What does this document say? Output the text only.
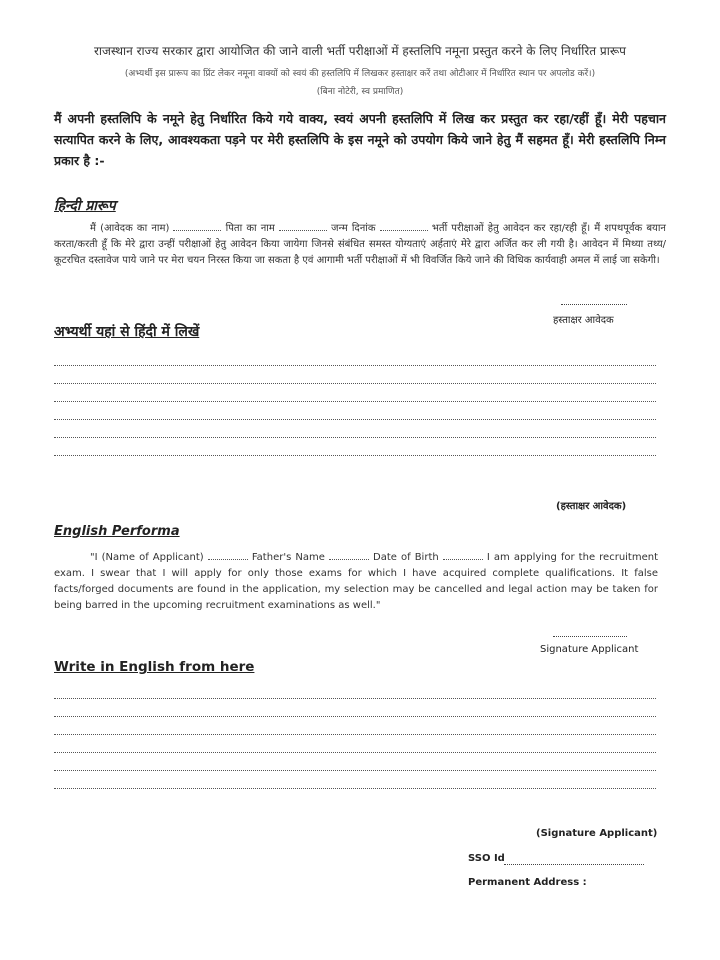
राजस्थान राज्य सरकार द्वारा आयोजित की जाने वाली भर्ती परीक्षाओं में हस्तलिपि नमूना प्रस्तुत करने के लिए निर्धारित प्रारूप
(अभ्यर्थी इस प्रारूप का प्रिंट लेकर नमूना वाक्यों को स्वयं की हस्तलिपि में लिखकर हस्ताक्षर करें तथा ओटीआर में निर्धारित स्थान पर अपलोड करें।)
(बिना नोटेरी, स्व प्रमाणित)
मैं अपनी हस्तलिपि के नमूने हेतु निर्धारित किये गये वाक्य, स्वयं अपनी हस्तलिपि में लिख कर प्रस्तुत कर रहा/रहीं हूँ। मेरी पहचान सत्यापित करने के लिए, आवश्यकता पड़ने पर मेरी हस्तलिपि के इस नमूने को उपयोग किये जाने हेतु मैं सहमत हूँ। मेरी हस्तलिपि निम्न प्रकार है :-
हिन्दी प्रारूप
मैं (आवेदक का नाम)	पिता का नाम	जन्म दिनांक	भर्ती परीक्षाओं हेतु आवेदन कर रहा/रही हूँ। मैं शपथपूर्वक बयान करता/करती हूँ कि मेरे द्वारा उन्हीं परीक्षाओं हेतु आवेदन किया जायेगा जिनसे संबंधित समस्त योग्यताएं अर्हताएं मेरे द्वारा अर्जित कर ली गयी है। आवेदन में मिथ्या तथ्य/कूटरचित दस्तावेज पाये जाने पर मेरा चयन निरस्त किया जा सकता है एवं आगामी भर्ती परीक्षाओं में भी विवर्जित किये जाने की विधिक कार्यवाही अमल में लाई जा सकेगी।
हस्ताक्षर आवेदक
अभ्यर्थी यहां से हिंदी में लिखें
(हस्ताक्षर आवेदक)
English Performa
"I (Name of Applicant)	Father's Name	Date of Birth	I am applying for the recruitment exam. I swear that I will apply for only those exams for which I have acquired complete qualifications. It false facts/forged documents are found in the application, my selection may be cancelled and legal action may be taken for being barred in the upcoming recruitment examinations as well."
Signature Applicant
Write in English from here
(Signature Applicant)
SSO Id
Permanent Address :
